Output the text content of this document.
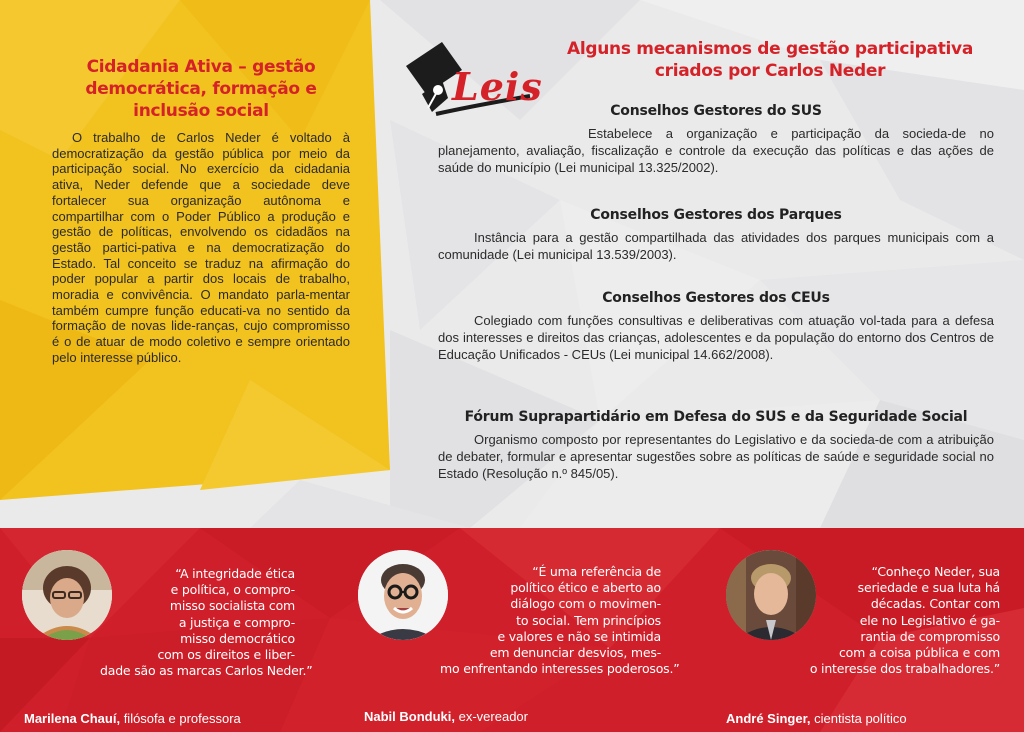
Cidadania Ativa – gestão democrática, formação e inclusão social

O trabalho de Carlos Neder é voltado à democratização da gestão pública por meio da participação social. No exercício da cidadania ativa, Neder defende que a sociedade deve fortalecer sua organização autônoma e compartilhar com o Poder Público a produção e gestão de políticas, envolvendo os cidadãos na gestão partici-pativa e na democratização do Estado. Tal conceito se traduz na afirmação do poder popular a partir dos locais de trabalho, moradia e convivência. O mandato parla-mentar também cumpre função educati-va no sentido da formação de novas lide-ranças, cujo compromisso é o de atuar de modo coletivo e sempre orientado pelo interesse público.

Leis
Alguns mecanismos de gestão participativa criados por Carlos Neder
Conselhos Gestores do SUS

Estabelece a organização e participação da socieda-de no planejamento, avaliação, fiscalização e controle da execução das políticas e das ações de saúde do município (Lei municipal 13.325/2002).

Conselhos Gestores dos Parques

Instância para a gestão compartilhada das atividades dos parques municipais com a comunidade (Lei municipal 13.539/2003).

Conselhos Gestores dos CEUs

Colegiado com funções consultivas e deliberativas com atuação vol-tada para a defesa dos interesses e direitos das crianças, adolescentes e da população do entorno dos Centros de Educação Unificados - CEUs (Lei municipal 14.662/2008).

Fórum Suprapartidário em Defesa do SUS e da Seguridade Social

Organismo composto por representantes do Legislativo e da socieda-de com a atribuição de debater, formular e apresentar sugestões sobre as políticas de saúde e seguridade social no Estado (Resolução n.º 845/05).

“A integridade ética
e política, o compro-
misso socialista com
a justiça e compro-
misso democrático
com os direitos e liber-
dade são as marcas Carlos Neder.”

Marilena Chauí, filósofa e professora

“É uma referência de
político ético e aberto ao
diálogo com o movimen-
to social. Tem princípios
e valores e não se intimida
em denunciar desvios, mes-
mo enfrentando interesses poderosos.”

Nabil Bonduki, ex-vereador

“Conheço Neder, sua
seriedade e sua luta há
décadas. Contar com
ele no Legislativo é ga-
rantia de compromisso
com a coisa pública e com
o interesse dos trabalhadores.”

André Singer, cientista político
